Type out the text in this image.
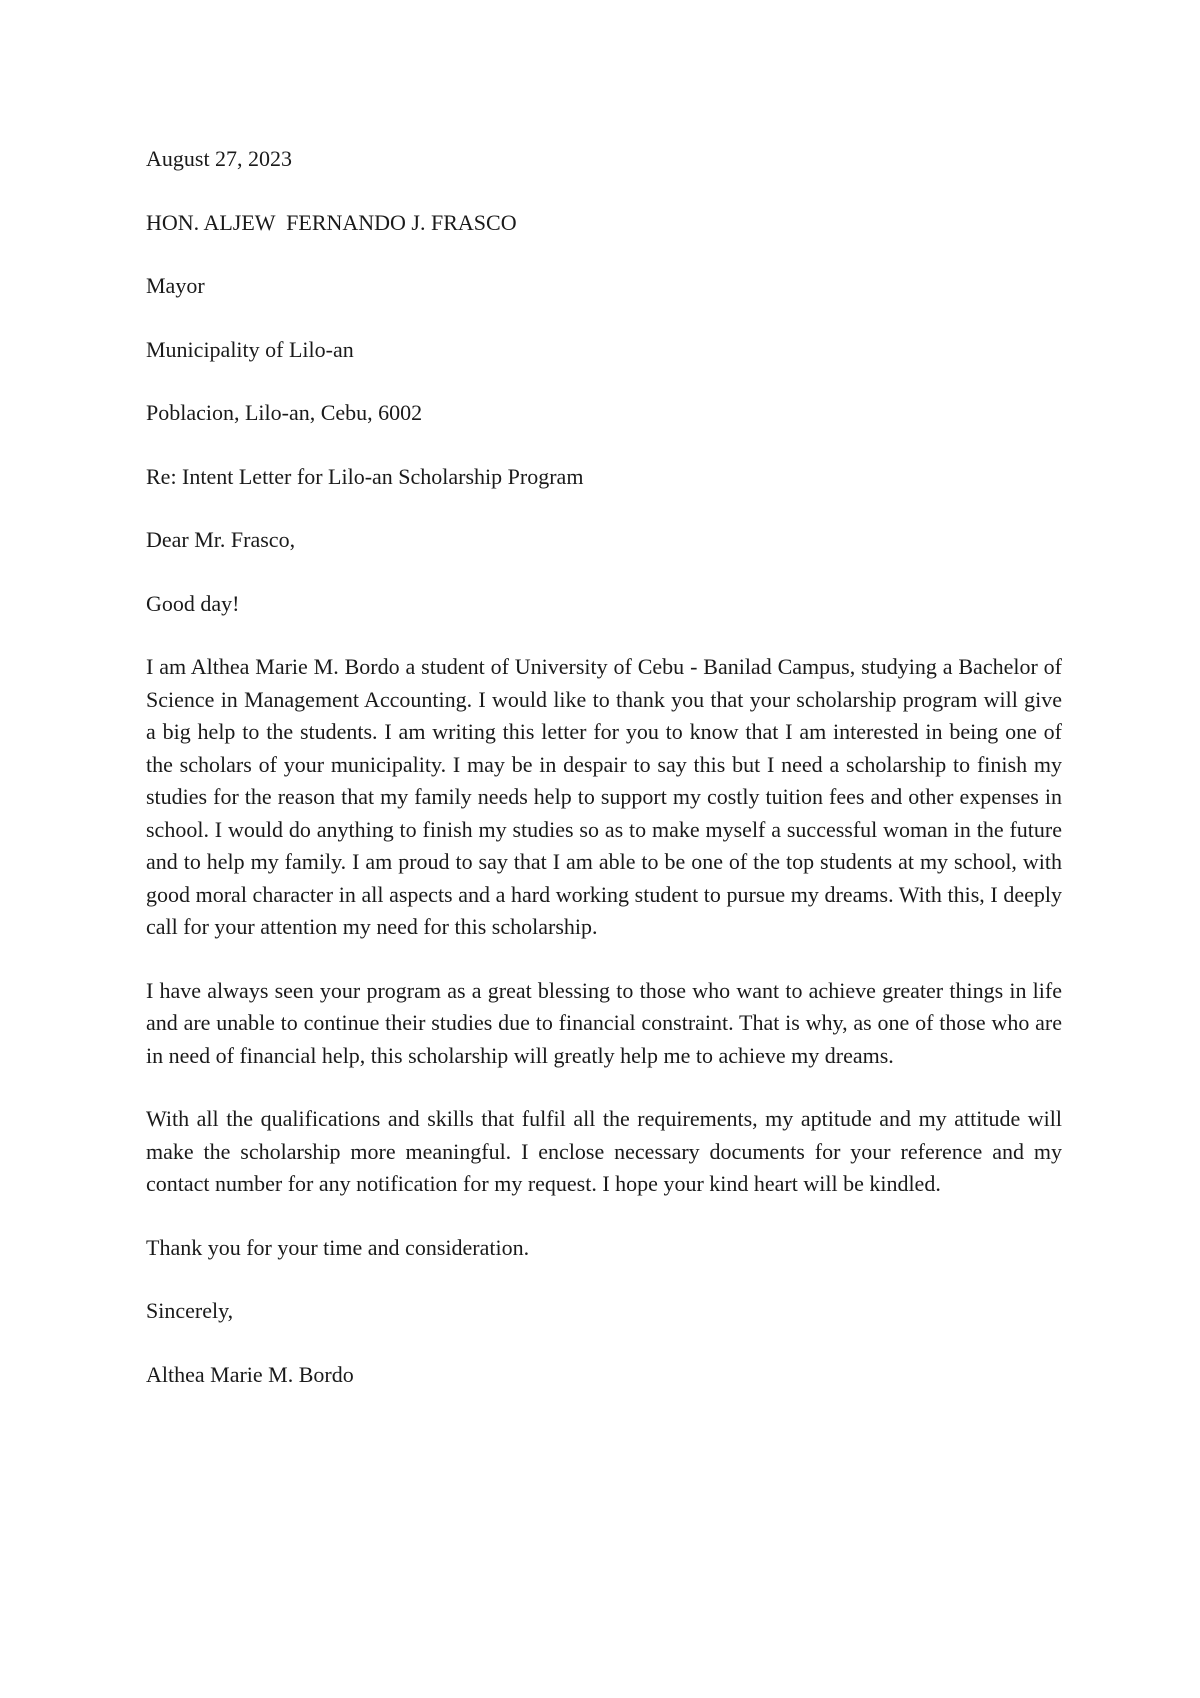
August 27, 2023
HON. ALJEW  FERNANDO J. FRASCO
Mayor
Municipality of Lilo-an
Poblacion, Lilo-an, Cebu, 6002
Re: Intent Letter for Lilo-an Scholarship Program
Dear Mr. Frasco,
Good day!

I am Althea Marie M. Bordo a student of University of Cebu - Banilad Campus, studying a Bachelor of Science in Management Accounting. I would like to thank you that your scholarship program will give a big help to the students. I am writing this letter for you to know that I am interested in being one of the scholars of your municipality. I may be in despair to say this but I need a scholarship to finish my studies for the reason that my family needs help to support my costly tuition fees and other expenses in school. I would do anything to finish my studies so as to make myself a successful woman in the future and to help my family. I am proud to say that I am able to be one of the top students at my school, with good moral character in all aspects and a hard working student to pursue my dreams. With this, I deeply call for your attention my need for this scholarship.

I have always seen your program as a great blessing to those who want to achieve greater things in life and are unable to continue their studies due to financial constraint. That is why, as one of those who are in need of financial help, this scholarship will greatly help me to achieve my dreams.

With all the qualifications and skills that fulfil all the requirements, my aptitude and my attitude will make the scholarship more meaningful. I enclose necessary documents for your reference and my contact number for any notification for my request. I hope your kind heart will be kindled.

Thank you for your time and consideration.
Sincerely,
Althea Marie M. Bordo
